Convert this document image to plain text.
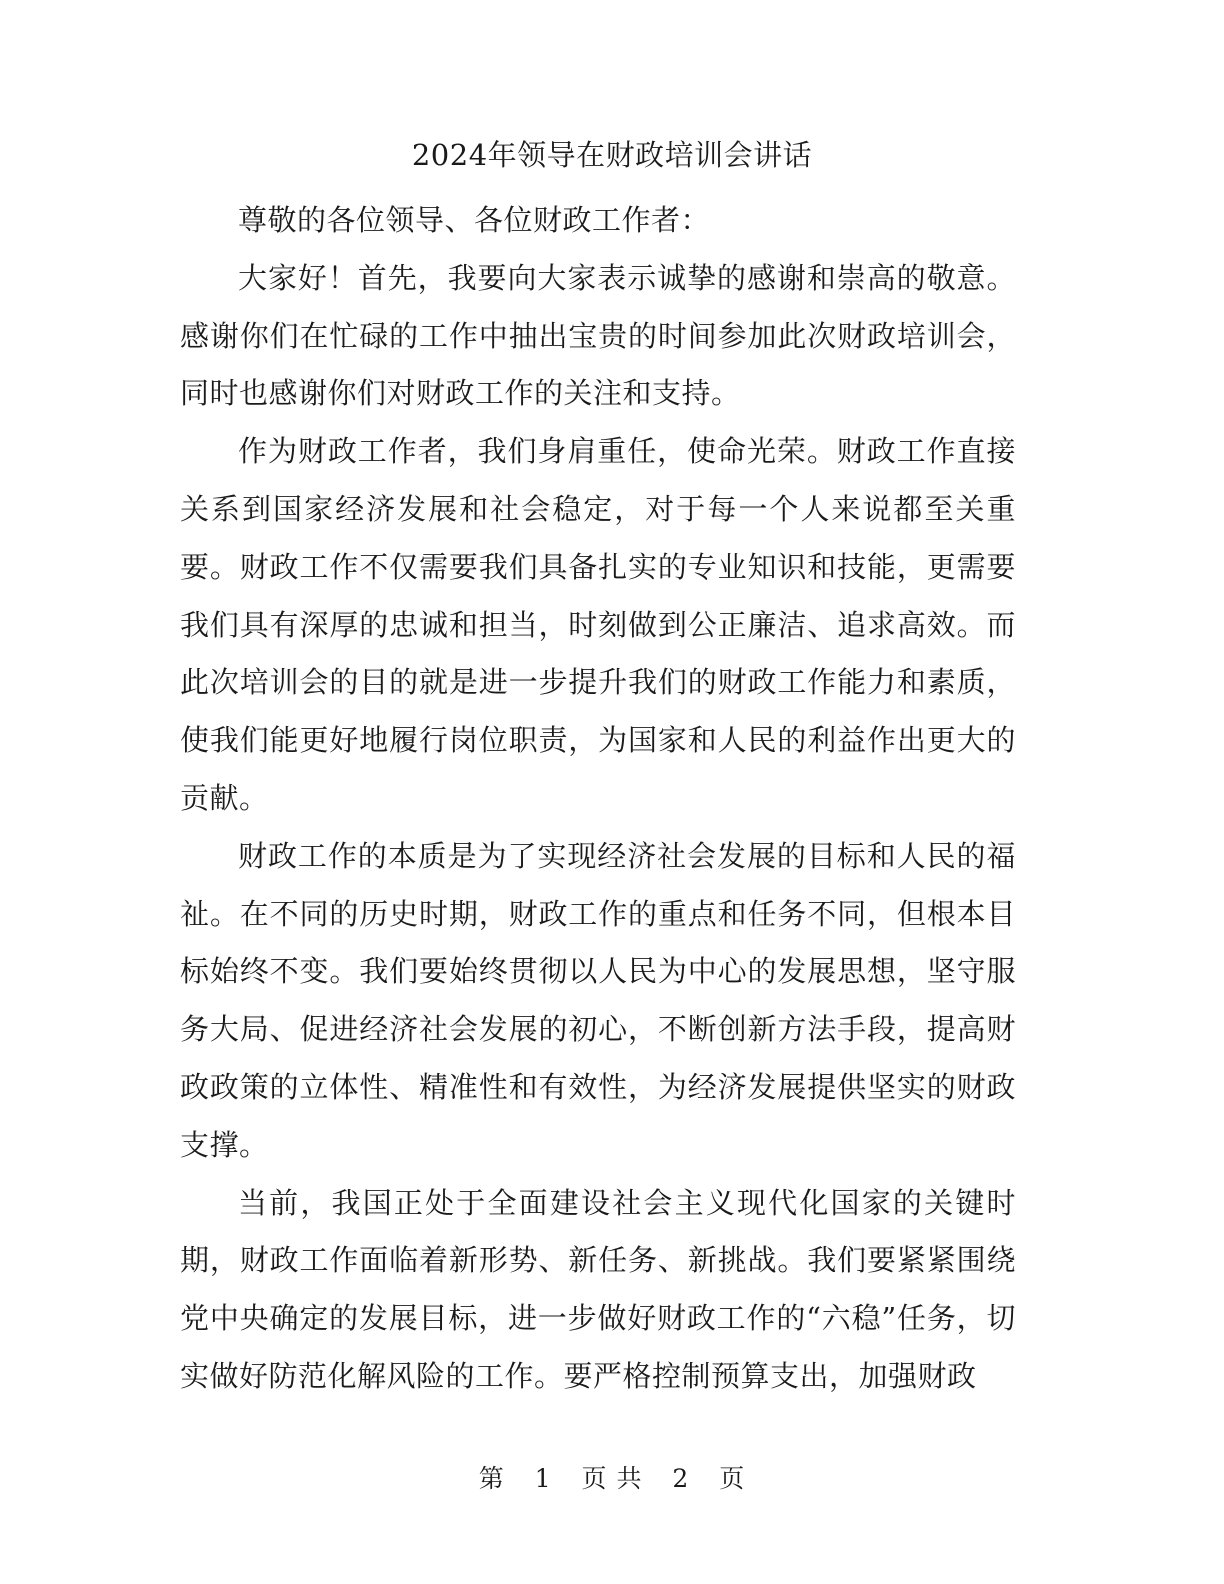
2024年领导在财政培训会讲话

尊敬的各位领导、各位财政工作者：

大家好！首先，我要向大家表示诚挚的感谢和崇高的敬意。感谢你们在忙碌的工作中抽出宝贵的时间参加此次财政培训会，同时也感谢你们对财政工作的关注和支持。

作为财政工作者，我们身肩重任，使命光荣。财政工作直接关系到国家经济发展和社会稳定，对于每一个人来说都至关重要。财政工作不仅需要我们具备扎实的专业知识和技能，更需要我们具有深厚的忠诚和担当，时刻做到公正廉洁、追求高效。而此次培训会的目的就是进一步提升我们的财政工作能力和素质，使我们能更好地履行岗位职责，为国家和人民的利益作出更大的贡献。

财政工作的本质是为了实现经济社会发展的目标和人民的福祉。在不同的历史时期，财政工作的重点和任务不同，但根本目标始终不变。我们要始终贯彻以人民为中心的发展思想，坚守服务大局、促进经济社会发展的初心，不断创新方法手段，提高财政政策的立体性、精准性和有效性，为经济发展提供坚实的财政支撑。

当前，我国正处于全面建设社会主义现代化国家的关键时期，财政工作面临着新形势、新任务、新挑战。我们要紧紧围绕党中央确定的发展目标，进一步做好财政工作的“六稳”任务，切实做好防范化解风险的工作。要严格控制预算支出，加强财政

第 1 页 共 2 页
